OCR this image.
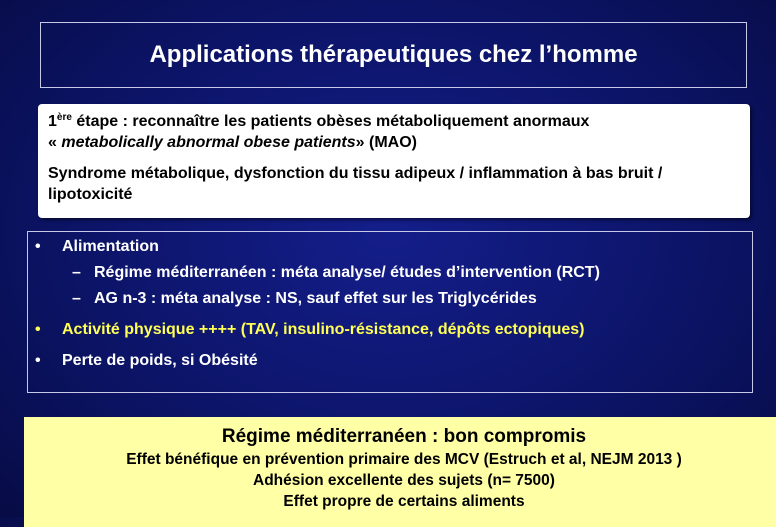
Applications thérapeutiques chez l’homme

1ère étape : reconnaître les patients obèses métaboliquement anormaux

« metabolically abnormal obese patients» (MAO)

Syndrome métabolique, dysfonction du tissu adipeux / inflammation à bas bruit / lipotoxicité

• Alimentation
– Régime méditerranéen : méta analyse/ études d’intervention (RCT)
– AG n-3 : méta analyse : NS, sauf effet sur les Triglycérides
• Activité physique ++++ (TAV, insulino-résistance, dépôts ectopiques)
• Perte de poids, si Obésité
Régime méditerranéen : bon compromis
Effet bénéfique en prévention primaire des MCV (Estruch et al, NEJM 2013 )
Adhésion excellente des sujets (n= 7500)
Effet propre de certains aliments
